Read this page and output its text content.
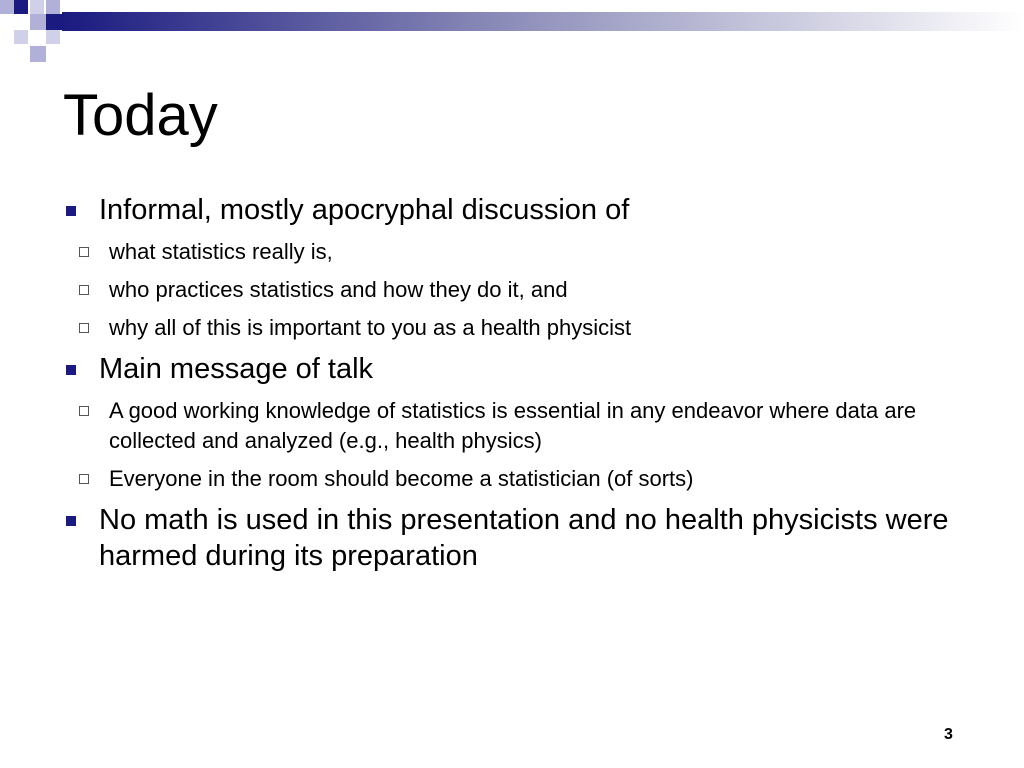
Today
Informal, mostly apocryphal discussion of
what statistics really is,
who practices statistics and how they do it, and
why all of this is important to you as a health physicist
Main message of talk
A good working knowledge of statistics is essential in any endeavor where data are collected and analyzed (e.g., health physics)
Everyone in the room should become a statistician (of sorts)
No math is used in this presentation and no health physicists were harmed during its preparation
3
